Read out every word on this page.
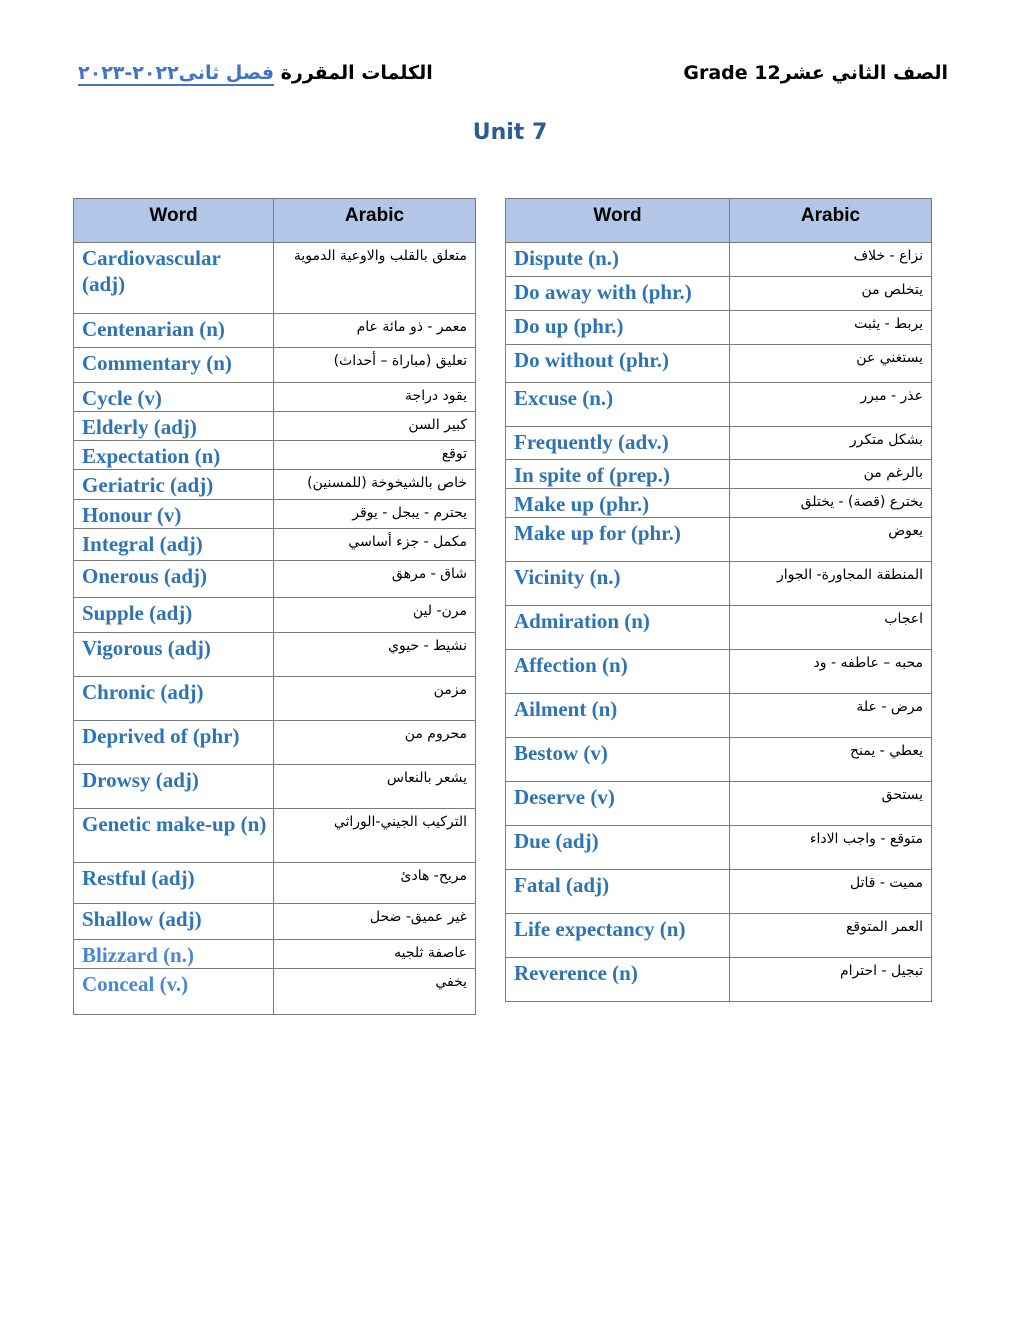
الصف الثاني عشرGrade 12
الكلمات المقررة فصل ثانى٢٠٢٢-٢٠٢٣
Unit 7
Word	Arabic
Cardiovascular (adj)	متعلق بالقلب والاوعية الدموية
Centenarian (n)	معمر - ذو مائة عام
Commentary (n)	تعليق (مباراة – أحداث)
Cycle (v)	يقود دراجة
Elderly (adj)	كبير السن
Expectation (n)	توقع
Geriatric (adj)	خاص بالشيخوخة (للمسنين)
Honour (v)	يحترم - يبجل - يوقر
Integral (adj)	مكمل - جزء أساسي
Onerous (adj)	شاق - مرهق
Supple (adj)	مرن- لين
Vigorous (adj)	نشيط - حيوي
Chronic (adj)	مزمن
Deprived of (phr)	محروم من
Drowsy (adj)	يشعر بالنعاس
Genetic make-up (n)	التركيب الجيني-الوراثي
Restful (adj)	مريح- هادئ
Shallow (adj)	غير عميق- ضحل
Blizzard (n.)	عاصفة ثلجيه
Conceal (v.)	يخفي
Word	Arabic
Dispute (n.)	نزاع - خلاف
Do away with (phr.)	يتخلص من
Do up (phr.)	يربط - يثبت
Do without (phr.)	يستغني عن
Excuse (n.)	عذر - مبرر
Frequently (adv.)	بشكل متكرر
In spite of (prep.)	بالرغم من
Make up (phr.)	يخترع (قصة) - يختلق
Make up for (phr.)	يعوض
Vicinity (n.)	المنطقة المجاورة- الجوار
Admiration (n)	اعجاب
Affection (n)	محبه – عاطفه - ود
Ailment (n)	مرض - علة
Bestow (v)	يعطي - يمنح
Deserve (v)	يستحق
Due (adj)	متوقع - واجب الاداء
Fatal (adj)	مميت - قاتل
Life expectancy (n)	العمر المتوقع
Reverence (n)	تبجيل - احترام
